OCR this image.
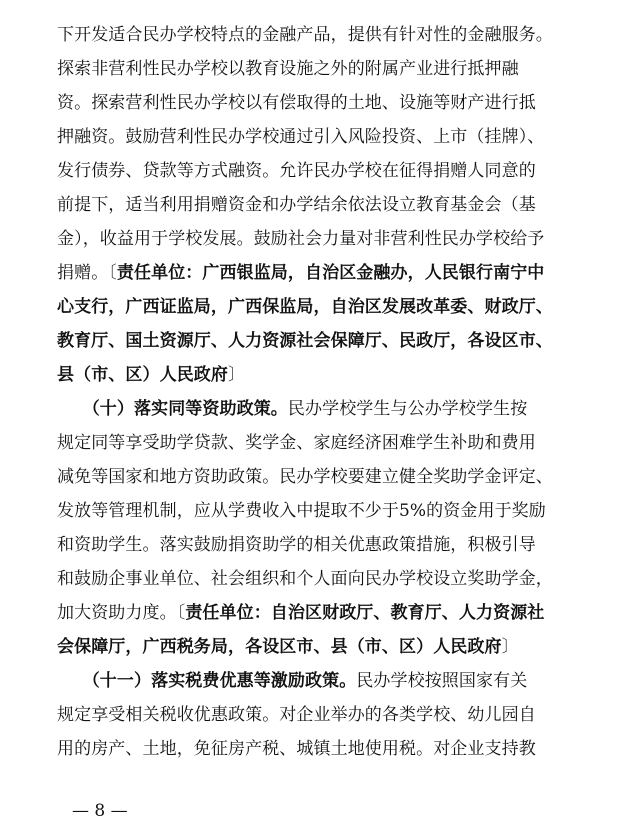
下开发适合民办学校特点的金融产品，提供有针对性的金融服务。
探索非营利性民办学校以教育设施之外的附属产业进行抵押融
资。探索营利性民办学校以有偿取得的土地、设施等财产进行抵
押融资。鼓励营利性民办学校通过引入风险投资、上市（挂牌）、
发行债券、贷款等方式融资。允许民办学校在征得捐赠人同意的
前提下，适当利用捐赠资金和办学结余依法设立教育基金会（基
金），收益用于学校发展。鼓励社会力量对非营利性民办学校给予
捐赠。〔责任单位：广西银监局，自治区金融办，人民银行南宁中
心支行，广西证监局，广西保监局，自治区发展改革委、财政厅、
教育厅、国土资源厅、人力资源社会保障厅、民政厅，各设区市、
县（市、区）人民政府〕
　　（十）落实同等资助政策。民办学校学生与公办学校学生按
规定同等享受助学贷款、奖学金、家庭经济困难学生补助和费用
减免等国家和地方资助政策。民办学校要建立健全奖助学金评定、
发放等管理机制，应从学费收入中提取不少于5%的资金用于奖励
和资助学生。落实鼓励捐资助学的相关优惠政策措施，积极引导
和鼓励企事业单位、社会组织和个人面向民办学校设立奖助学金，
加大资助力度。〔责任单位：自治区财政厅、教育厅、人力资源社
会保障厅，广西税务局，各设区市、县（市、区）人民政府〕
　　（十一）落实税费优惠等激励政策。民办学校按照国家有关
规定享受相关税收优惠政策。对企业举办的各类学校、幼儿园自
用的房产、土地，免征房产税、城镇土地使用税。对企业支持教
— 8 —
